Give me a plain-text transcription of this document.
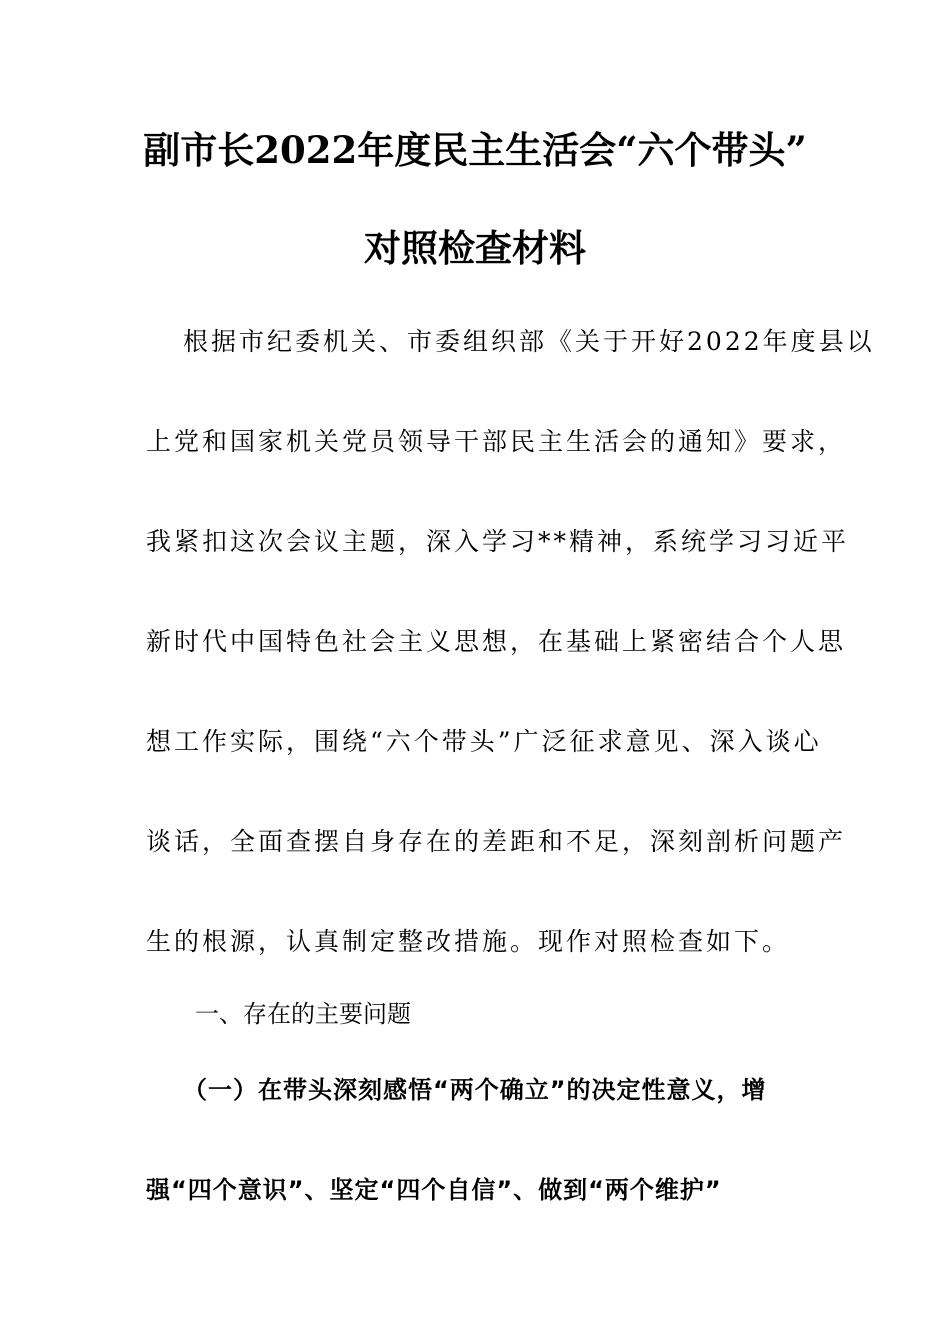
副市长2022年度民主生活会“六个带头”
对照检查材料
根据市纪委机关、市委组织部《关于开好2022年度县以
上党和国家机关党员领导干部民主生活会的通知》要求，
我紧扣这次会议主题，深入学习**精神，系统学习习近平
新时代中国特色社会主义思想，在基础上紧密结合个人思
想工作实际，围绕“六个带头”广泛征求意见、深入谈心
谈话，全面查摆自身存在的差距和不足，深刻剖析问题产
生的根源，认真制定整改措施。现作对照检查如下。
一、存在的主要问题
（一）在带头深刻感悟“两个确立”的决定性意义，增
强“四个意识”、坚定“四个自信”、做到“两个维护”
